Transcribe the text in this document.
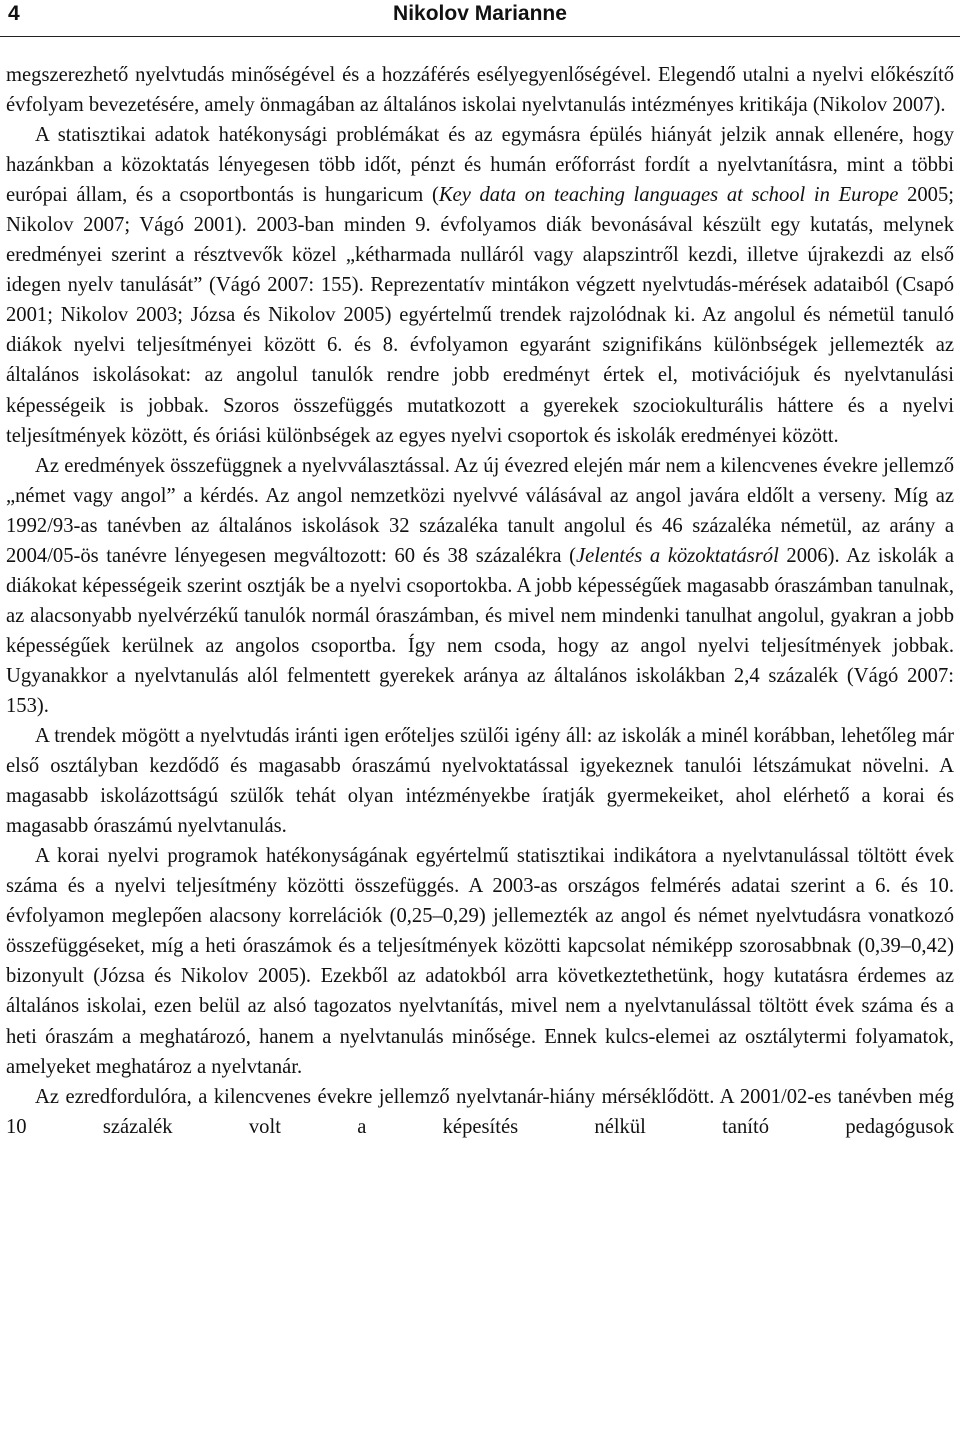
4	Nikolov Marianne

megszerezhető nyelvtudás minőségével és a hozzáférés esélyegyenlőségével. Elegendő utalni a nyelvi előkészítő évfolyam bevezetésére, amely önmagában az általános iskolai nyelvtanulás intézményes kritikája (Nikolov 2007).

A statisztikai adatok hatékonysági problémákat és az egymásra épülés hiányát jelzik annak ellenére, hogy hazánkban a közoktatás lényegesen több időt, pénzt és humán erőforrást fordít a nyelvtanításra, mint a többi európai állam, és a csoportbontás is hungaricum (Key data on teaching languages at school in Europe 2005; Nikolov 2007; Vágó 2001). 2003-ban minden 9. évfolyamos diák bevonásával készült egy kutatás, melynek eredményei szerint a résztvevők közel „kétharmada nulláról vagy alapszintről kezdi, illetve újrakezdi az első idegen nyelv tanulását” (Vágó 2007: 155). Reprezentatív mintákon végzett nyelvtudás-mérések adataiból (Csapó 2001; Nikolov 2003; Józsa és Nikolov 2005) egyértelmű trendek rajzolódnak ki. Az angolul és németül tanuló diákok nyelvi teljesítményei között 6. és 8. évfolyamon egyaránt szignifikáns különbségek jellemezték az általános iskolásokat: az angolul tanulók rendre jobb eredményt értek el, motivációjuk és nyelvtanulási képességeik is jobbak. Szoros összefüggés mutatkozott a gyerekek szociokulturális háttere és a nyelvi teljesítmények között, és óriási különbségek az egyes nyelvi csoportok és iskolák eredményei között.

Az eredmények összefüggnek a nyelvválasztással. Az új évezred elején már nem a kilencvenes évekre jellemző „német vagy angol” a kérdés. Az angol nemzetközi nyelvvé válásával az angol javára eldőlt a verseny. Míg az 1992/93-as tanévben az általános iskolások 32 százaléka tanult angolul és 46 százaléka németül, az arány a 2004/05-ös tanévre lényegesen megváltozott: 60 és 38 százalékra (Jelentés a közoktatásról 2006). Az iskolák a diákokat képességeik szerint osztják be a nyelvi csoportokba. A jobb képességűek magasabb óraszámban tanulnak, az alacsonyabb nyelvérzékű tanulók normál óraszámban, és mivel nem mindenki tanulhat angolul, gyakran a jobb képességűek kerülnek az angolos csoportba. Így nem csoda, hogy az angol nyelvi teljesítmények jobbak. Ugyanakkor a nyelvtanulás alól felmentett gyerekek aránya az általános iskolákban 2,4 százalék (Vágó 2007: 153).

A trendek mögött a nyelvtudás iránti igen erőteljes szülői igény áll: az iskolák a minél korábban, lehetőleg már első osztályban kezdődő és magasabb óraszámú nyelvoktatással igyekeznek tanulói létszámukat növelni. A magasabb iskolázottságú szülők tehát olyan intézményekbe íratják gyermekeiket, ahol elérhető a korai és magasabb óraszámú nyelvtanulás.

A korai nyelvi programok hatékonyságának egyértelmű statisztikai indikátora a nyelvtanulással töltött évek száma és a nyelvi teljesítmény közötti összefüggés. A 2003-as országos felmérés adatai szerint a 6. és 10. évfolyamon meglepően alacsony korrelációk (0,25–0,29) jellemezték az angol és német nyelvtudásra vonatkozó összefüggéseket, míg a heti óraszámok és a teljesítmények közötti kapcsolat némiképp szorosabbnak (0,39–0,42) bizonyult (Józsa és Nikolov 2005). Ezekből az adatokból arra következtethetünk, hogy kutatásra érdemes az általános iskolai, ezen belül az alsó tagozatos nyelvtanítás, mivel nem a nyelvtanulással töltött évek száma és a heti óraszám a meghatározó, hanem a nyelvtanulás minősége. Ennek kulcs-elemei az osztálytermi folyamatok, amelyeket meghatároz a nyelvtanár.

Az ezredfordulóra, a kilencvenes évekre jellemző nyelvtanár-hiány mérséklődött. A 2001/02-es tanévben még 10 százalék volt a képesítés nélkül tanító pedagógusok
